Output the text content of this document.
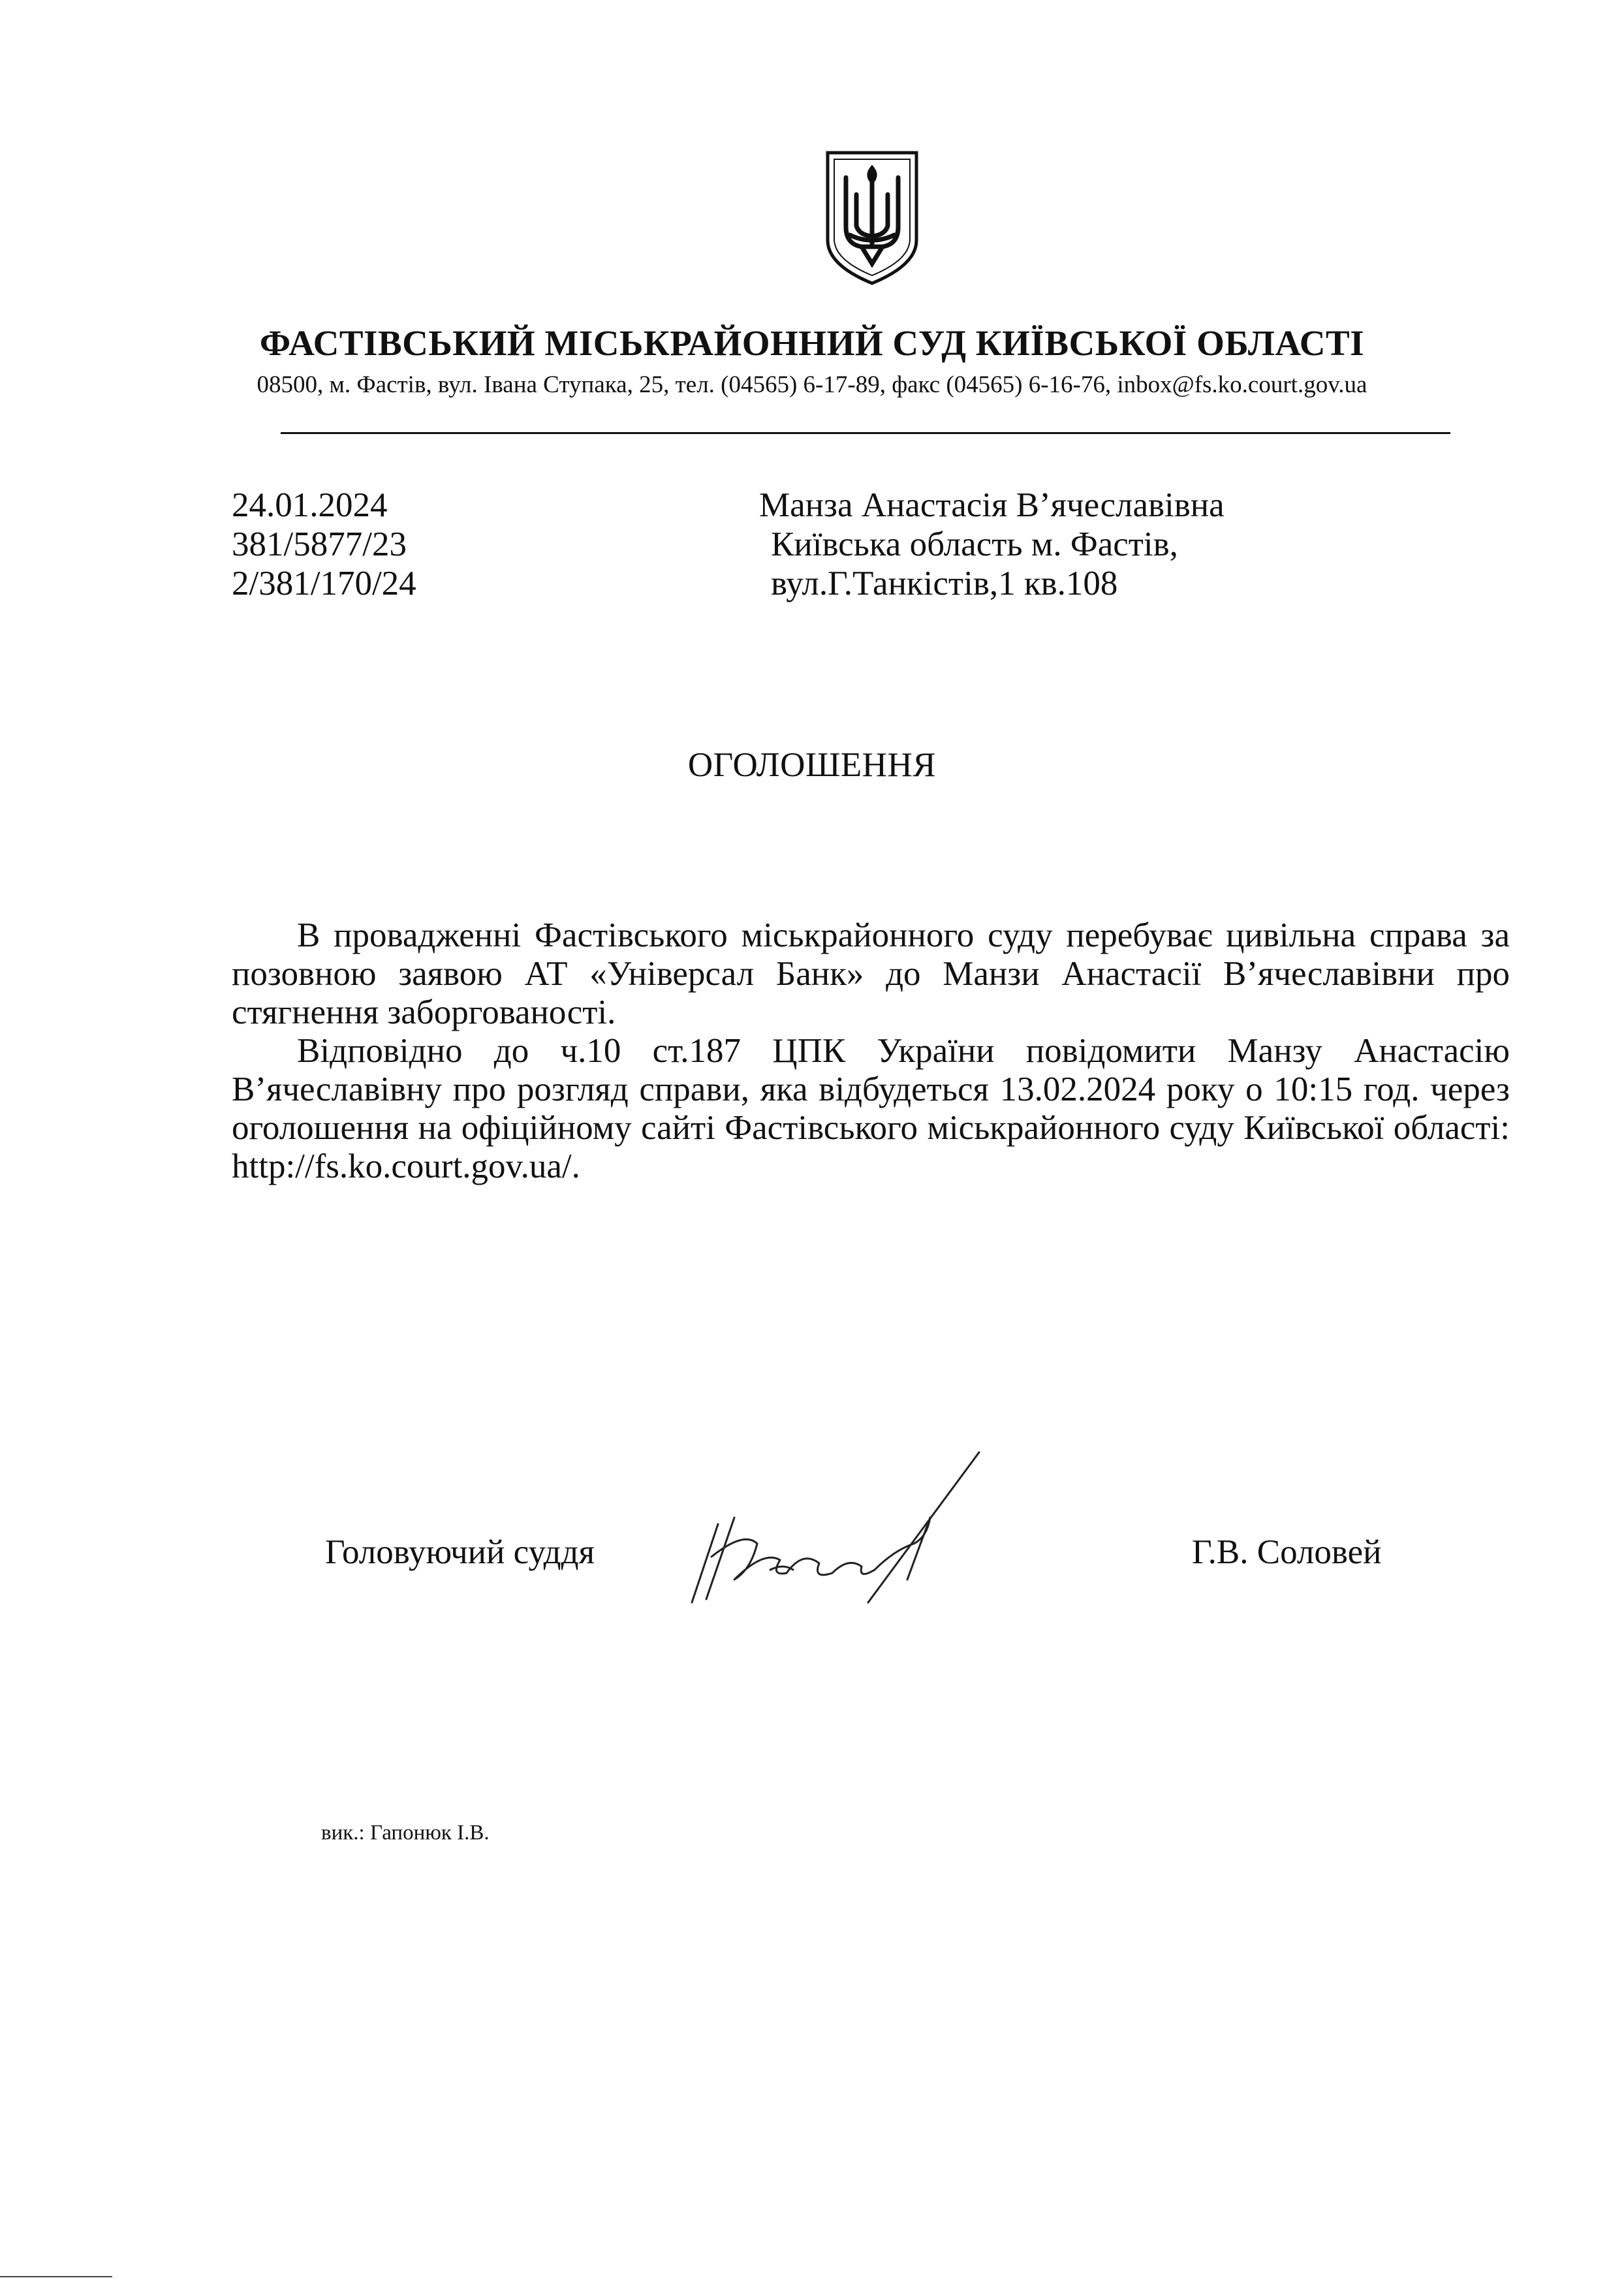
ФАСТІВСЬКИЙ МІСЬКРАЙОННИЙ СУД КИЇВСЬКОЇ ОБЛАСТІ
08500, м. Фастів, вул. Івана Ступака, 25, тел. (04565) 6-17-89, факс (04565) 6-16-76, inbox@fs.ko.court.gov.ua
24.01.2024
381/5877/23
2/381/170/24
Манза Анастасія В’ячеславівна
Київська область м. Фастів,
вул.Г.Танкістів,1 кв.108
ОГОЛОШЕННЯ

В провадженні Фастівського міськрайонного суду перебуває цивільна справа за позовною заявою АТ «Універсал Банк» до Манзи Анастасії В’ячеславівни про стягнення заборгованості.

Відповідно до ч.10 ст.187 ЦПК України повідомити Манзу Анастасію В’ячеславівну про розгляд справи, яка відбудеться 13.02.2024 року о 10:15 год. через оголошення на офіційному сайті Фастівського міськрайонного суду Київської області: http://fs.ko.court.gov.ua/.

Головуючий суддя	Г.В. Соловей
вик.: Гапонюк І.В.
